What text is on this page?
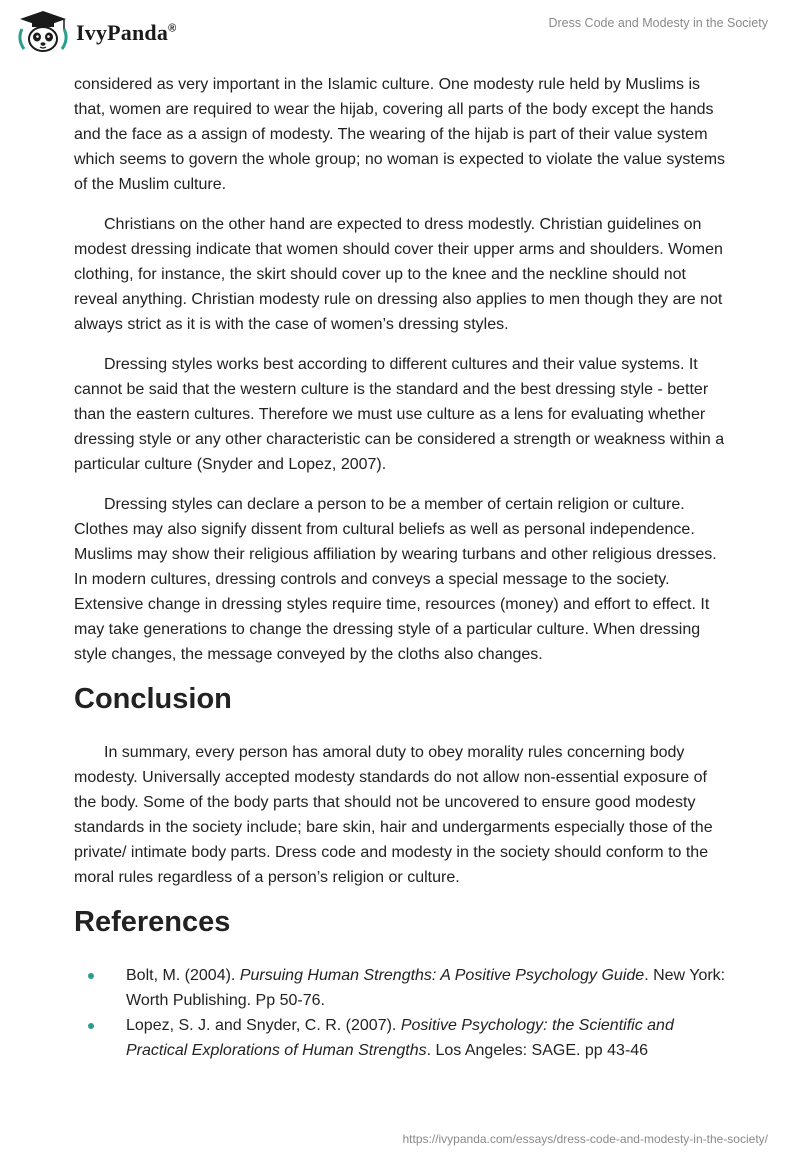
IvyPanda®	Dress Code and Modesty in the Society

considered as very important in the Islamic culture. One modesty rule held by Muslims is that, women are required to wear the hijab, covering all parts of the body except the hands and the face as a assign of modesty. The wearing of the hijab is part of their value system which seems to govern the whole group; no woman is expected to violate the value systems of the Muslim culture.

Christians on the other hand are expected to dress modestly. Christian guidelines on modest dressing indicate that women should cover their upper arms and shoulders. Women clothing, for instance, the skirt should cover up to the knee and the neckline should not reveal anything. Christian modesty rule on dressing also applies to men though they are not always strict as it is with the case of women’s dressing styles.

Dressing styles works best according to different cultures and their value systems. It cannot be said that the western culture is the standard and the best dressing style - better than the eastern cultures. Therefore we must use culture as a lens for evaluating whether dressing style or any other characteristic can be considered a strength or weakness within a particular culture (Snyder and Lopez, 2007).

Dressing styles can declare a person to be a member of certain religion or culture. Clothes may also signify dissent from cultural beliefs as well as personal independence. Muslims may show their religious affiliation by wearing turbans and other religious dresses. In modern cultures, dressing controls and conveys a special message to the society. Extensive change in dressing styles require time, resources (money) and effort to effect. It may take generations to change the dressing style of a particular culture. When dressing style changes, the message conveyed by the cloths also changes.

Conclusion

In summary, every person has amoral duty to obey morality rules concerning body modesty. Universally accepted modesty standards do not allow non-essential exposure of the body. Some of the body parts that should not be uncovered to ensure good modesty standards in the society include; bare skin, hair and undergarments especially those of the private/ intimate body parts. Dress code and modesty in the society should conform to the moral rules regardless of a person’s religion or culture.

References
Bolt, M. (2004). Pursuing Human Strengths: A Positive Psychology Guide. New York: Worth Publishing. Pp 50-76.
Lopez, S. J. and Snyder, C. R. (2007). Positive Psychology: the Scientific and Practical Explorations of Human Strengths. Los Angeles: SAGE. pp 43-46
https://ivypanda.com/essays/dress-code-and-modesty-in-the-society/
